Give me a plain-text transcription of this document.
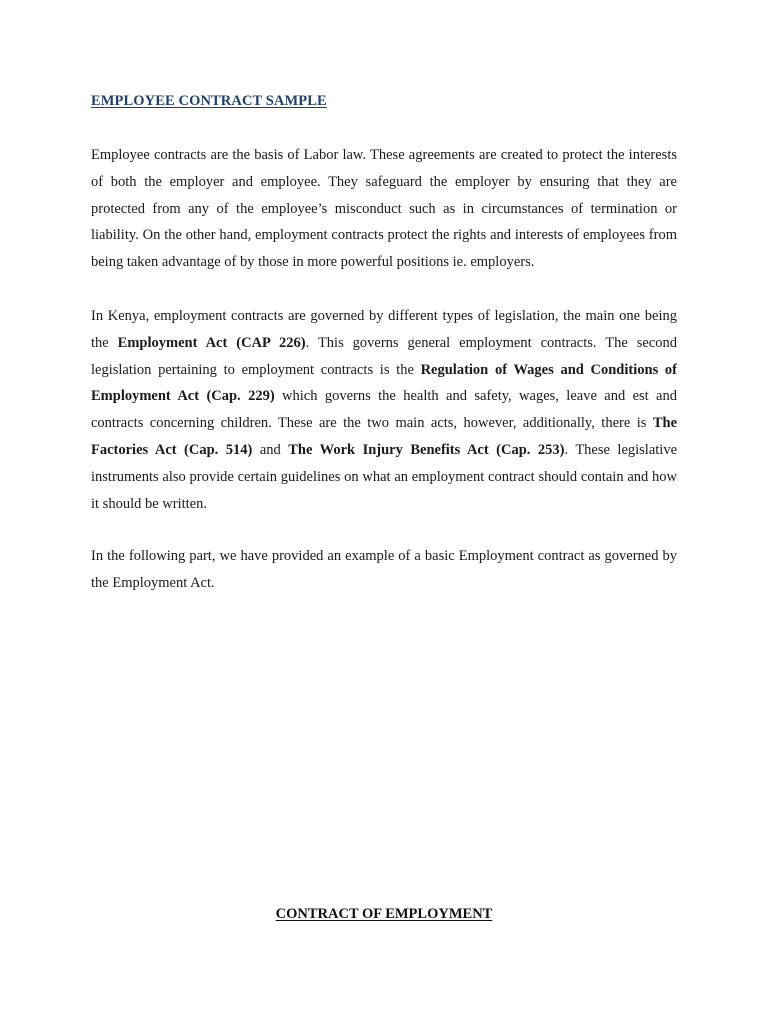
EMPLOYEE CONTRACT SAMPLE

Employee contracts are the basis of Labor law. These agreements are created to protect the interests of both the employer and employee. They safeguard the employer by ensuring that they are protected from any of the employee’s misconduct such as in circumstances of termination or liability. On the other hand, employment contracts protect the rights and interests of employees from being taken advantage of by those in more powerful positions ie. employers.

In Kenya, employment contracts are governed by different types of legislation, the main one being the Employment Act (CAP 226). This governs general employment contracts. The second legislation pertaining to employment contracts is the Regulation of Wages and Conditions of Employment Act (Cap. 229) which governs the health and safety, wages, leave and est and contracts concerning children. These are the two main acts, however, additionally, there is The Factories Act (Cap. 514) and The Work Injury Benefits Act (Cap. 253). These legislative instruments also provide certain guidelines on what an employment contract should contain and how it should be written.

In the following part, we have provided an example of a basic Employment contract as governed by the Employment Act.

CONTRACT OF EMPLOYMENT
